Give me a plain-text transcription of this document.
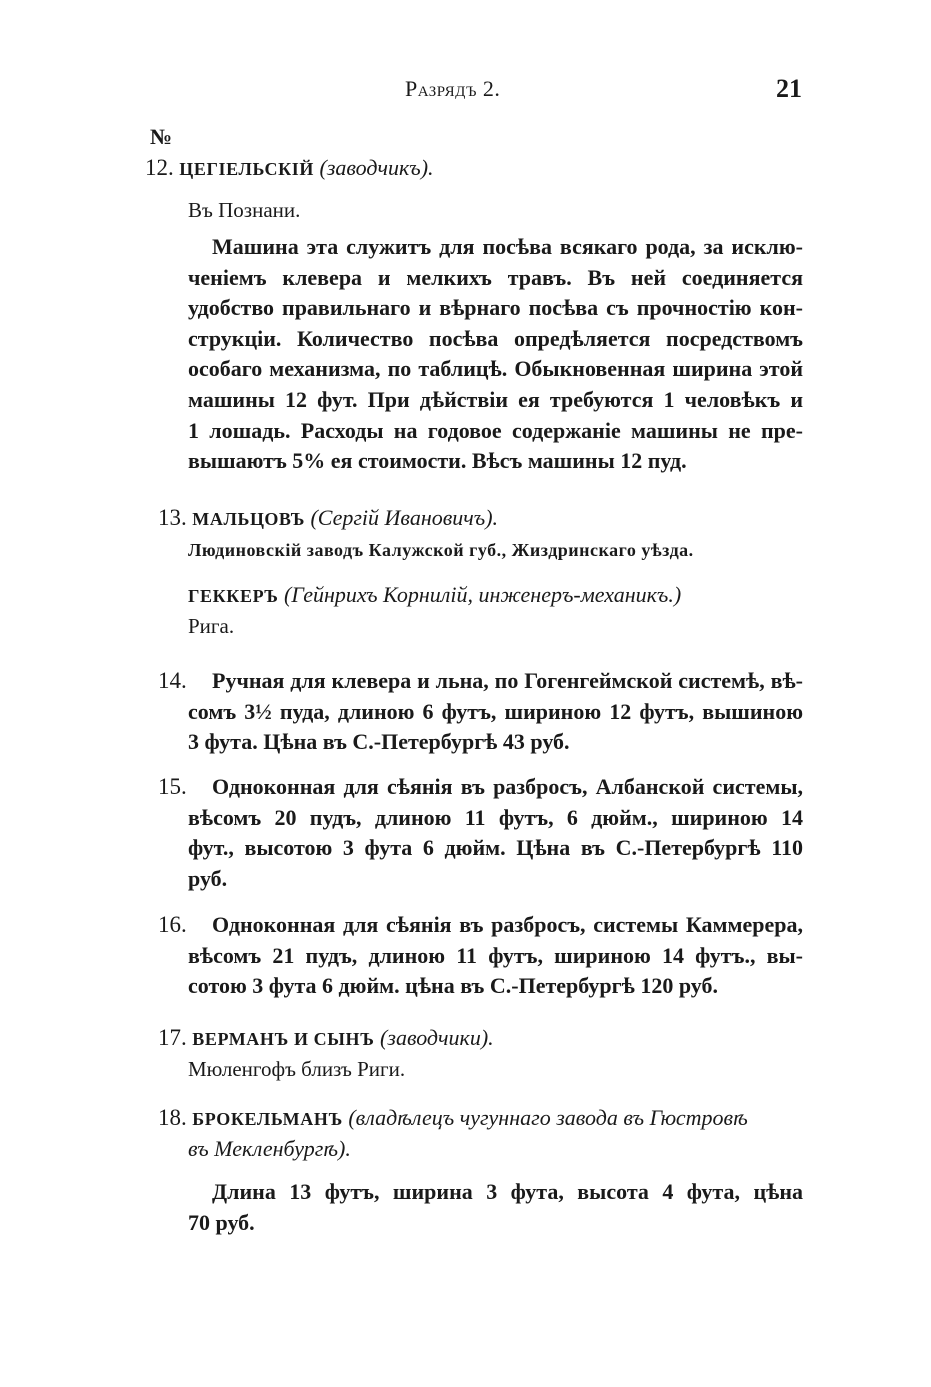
Разрядъ 2.	21
№
12. ЦЕГІЕЛЬСКІЙ (заводчикъ).
Въ Познани.
Машина эта служитъ для посѣва всякаго рода, за исклю-
ченіемъ клевера и мелкихъ травъ. Въ ней соединяется
удобство правильнаго и вѣрнаго посѣва съ прочностію кон-
струкціи. Количество посѣва опредѣляется посредствомъ
особаго механизма, по таблицѣ. Обыкновенная ширина этой
машины 12 фут. При дѣйствіи ея требуются 1 человѣкъ и
1 лошадь. Расходы на годовое содержаніе машины не пре-
вышаютъ 5% ея стоимости. Вѣсъ машины 12 пуд.
13. МАЛЬЦОВЪ (Сергій Ивановичъ).
Людиновскій заводъ Калужской губ., Жиздринскаго уѣзда.
ГЕККЕРЪ (Гейнрихъ Корнилій, инженеръ-механикъ.)
Рига.
14.	Ручная для клевера и льна, по Гогенгеймской системѣ, вѣ-
сомъ 3½ пуда, длиною 6 футъ, шириною 12 футъ, вышиною
3 фута. Цѣна въ С.-Петербургѣ 43 руб.
15.	Одноконная для сѣянія въ разбросъ, Албанской системы,
вѣсомъ 20 пудъ, длиною 11 футъ, 6 дюйм., шириною 14
фут., высотою 3 фута 6 дюйм. Цѣна въ С.-Петербургѣ 110
руб.
16.	Одноконная для сѣянія въ разбросъ, системы Каммерера,
вѣсомъ 21 пудъ, длиною 11 футъ, шириною 14 футъ., вы-
сотою 3 фута 6 дюйм. цѣна въ С.-Петербургѣ 120 руб.
17. ВЕРМАНЪ И СЫНЪ (заводчики).
Мюленгофъ близъ Риги.
18. БРОКЕЛЬМАНЪ (владѣлецъ чугуннаго завода въ Гюстровѣ
въ Мекленбургѣ).
Длина 13 футъ, ширина 3 фута, высота 4 фута, цѣна
70 руб.
